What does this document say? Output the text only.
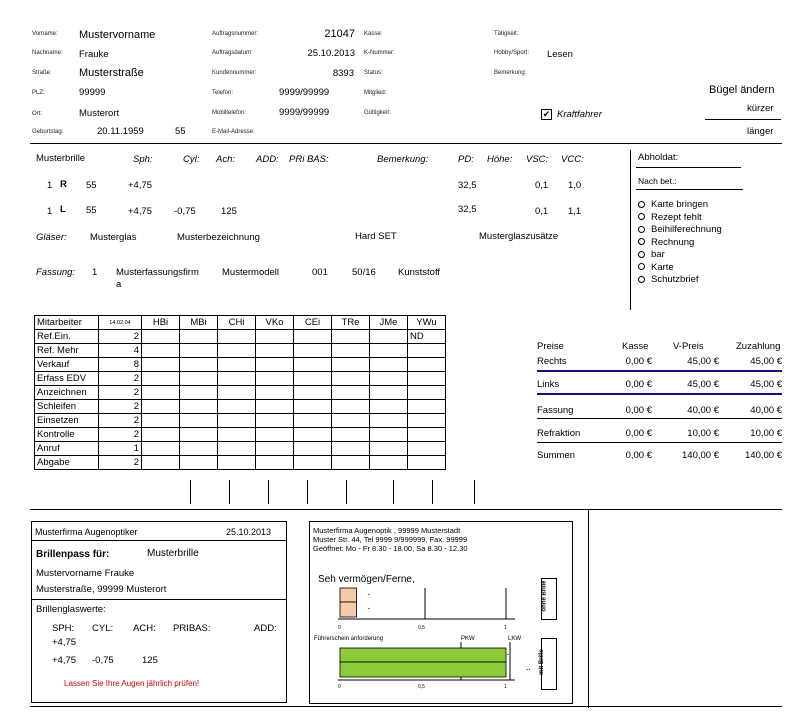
Vorname: Mustervorname
Nachname: Frauke
Straße: Musterstraße
PLZ:	99999
Ort:	Musterort
Geburtstag:	20.11.1959	55
Auftragsnummer:	21047
Auftragsdatum:	25.10.2013
Kundennummer:	8393
Telefon:	9999/99999
Mobiltelefon:	9999/99999
E-Mail-Adresse:
Kasse:
K-Nummer:
Status:
Mitglied:
Gültigkeit:
Tätigkeit:
Hobby/Sport: Lesen
Bemerkung:
✔ Kraftfahrer
Bügel ändern
kürzer
länger
Musterbrille	Sph:	Cyl: Ach: ADD: PRi BAS:	Bemerkung:	PD: Höhe: VSC: VCC:
1 R 55	+4,75	32,5	0,1 1,0
1 L 55	+4,75 -0,75	125	32,5	0,1 1,1
Gläser: Musterglas	Musterbezeichnung	Hard SET	Musterglaszusätze
Fassung: 1 Musterfassungsfirm
a
Mustermodell	001	50/16 Kunststoff
Abholdat:
Nach bet.:
Karte bringen
Rezept fehlt
Beihilferechnung
Rechnung
bar
Karte
Schutzbrief
Mitarbeiter	14.02.04	HBi	MBi	CHi	VKo	CEi	TRe	JMe	YWu
Ref.Ein.	2								ND
Ref. Mehr	4								
Verkauf	8								
Erfass EDV	2								
Anzeichnen	2								
Schleifen	2								
Einsetzen	2								
Kontrolle	2								
Anruf	1								
Abgabe	2								
Preise	Kasse	V-Preis	Zuzahlung
Rechts	0,00 €	45,00 €	45,00 €
Links	0,00 €	45,00 €	45,00 €
Fassung	0,00 €	40,00 €	40,00 €
Refraktion	0,00 €	10,00 €	10,00 €
Summen	0,00 €	140,00 €	140,00 €
Musterfirma Augenoptiker	25.10.2013
Brillenpass für:	Musterbrille
Mustervorname Frauke
Musterstraße, 99999 Musterort
Brillenglaswerte:
SPH: CYL: ACH: PRIBAS:	ADD:
+4,75
+4,75 -0,75	125
Lassen Sie Ihre Augen jährlich prüfen!
Musterfirma Augenoptik , 99999 Musterstadt
Muster Str. 44, Tel 9999 9/999999, Fax. 99999
Geöffnet: Mo - Fr 8.30 - 18.00, Sa 8.30 - 12.30
Seh vermögen/Ferne,
ohne Brille
Führerschein anforderung	PKW	LKW
mit Brille
0	0,5	1
0	0,5	1
·
·
·
··
